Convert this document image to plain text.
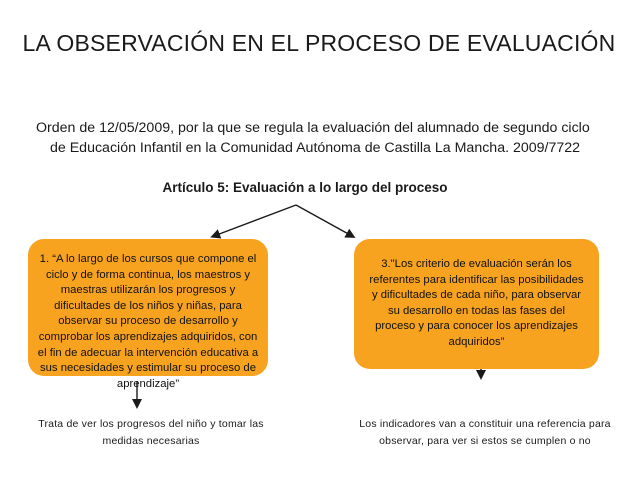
LA OBSERVACIÓN EN EL PROCESO DE EVALUACIÓN
Orden de 12/05/2009, por la que se regula la evaluación del alumnado de segundo ciclo
de Educación Infantil en la Comunidad Autónoma de Castilla La Mancha. 2009/7722
Artículo 5: Evaluación a lo largo del proceso
1. “A lo largo de los cursos que compone el ciclo y de forma continua, los maestros y maestras utilizarán los progresos y dificultades de los niños y niñas, para observar su proceso de desarrollo y comprobar los aprendizajes adquiridos, con el fin de adecuar la intervención educativa a sus necesidades y estimular su proceso de aprendizaje”
3."Los criterio de evaluación serán los referentes para identificar las posibilidades y dificultades de cada niño, para observar su desarrollo en todas las fases del proceso y para conocer los aprendizajes adquiridos”
Trata de ver los progresos del niño y tomar las medidas necesarias
Los indicadores van a constituir una referencia para observar, para ver si estos se cumplen o no
